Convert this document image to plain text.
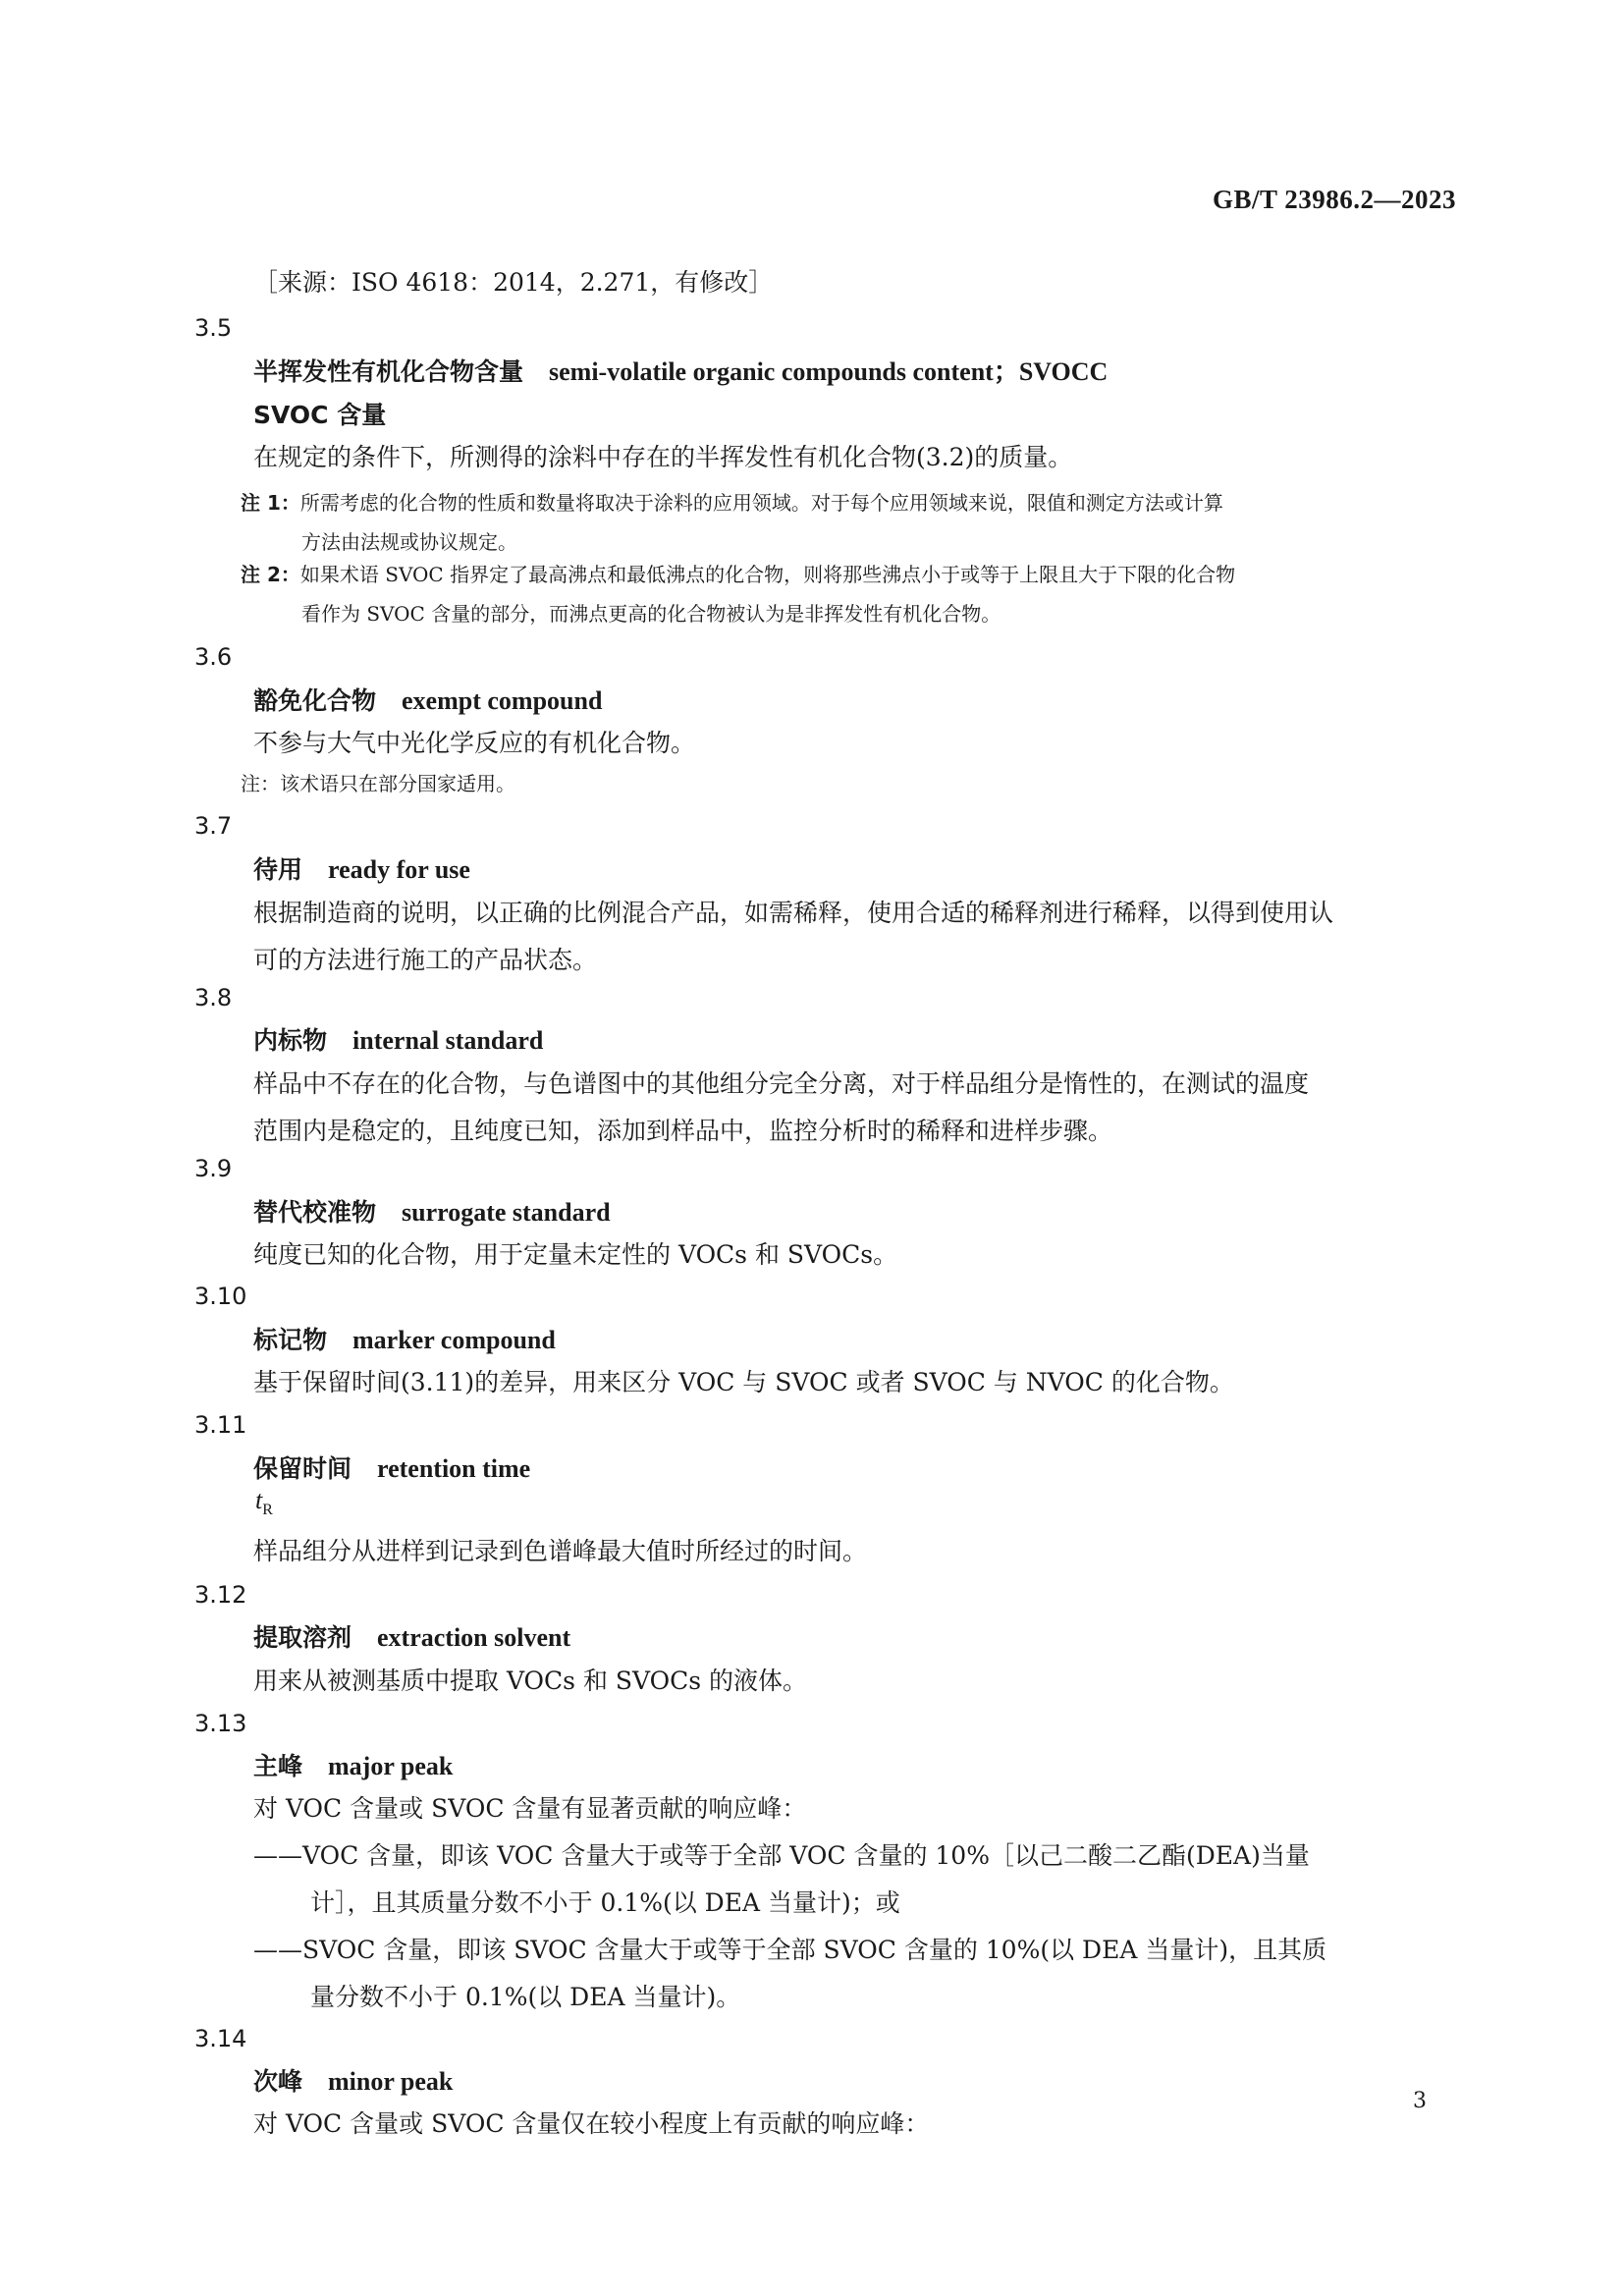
GB/T 23986.2—2023
［来源：ISO 4618：2014，2.271，有修改］
3.5
半挥发性有机化合物含量 semi-volatile organic compounds content；SVOCC
SVOC 含量
在规定的条件下，所测得的涂料中存在的半挥发性有机化合物(3.2)的质量。
注 1：所需考虑的化合物的性质和数量将取决于涂料的应用领域。对于每个应用领域来说，限值和测定方法或计算
方法由法规或协议规定。
注 2：如果术语 SVOC 指界定了最高沸点和最低沸点的化合物，则将那些沸点小于或等于上限且大于下限的化合物
看作为 SVOC 含量的部分，而沸点更高的化合物被认为是非挥发性有机化合物。
3.6
豁免化合物 exempt compound
不参与大气中光化学反应的有机化合物。
注：该术语只在部分国家适用。
3.7
待用 ready for use
根据制造商的说明，以正确的比例混合产品，如需稀释，使用合适的稀释剂进行稀释，以得到使用认
可的方法进行施工的产品状态。
3.8
内标物 internal standard
样品中不存在的化合物，与色谱图中的其他组分完全分离，对于样品组分是惰性的，在测试的温度
范围内是稳定的，且纯度已知，添加到样品中，监控分析时的稀释和进样步骤。
3.9
替代校准物 surrogate standard
纯度已知的化合物，用于定量未定性的 VOCs 和 SVOCs。
3.10
标记物 marker compound
基于保留时间(3.11)的差异，用来区分 VOC 与 SVOC 或者 SVOC 与 NVOC 的化合物。
3.11
保留时间 retention time
$t_R$
样品组分从进样到记录到色谱峰最大值时所经过的时间。
3.12
提取溶剂 extraction solvent
用来从被测基质中提取 VOCs 和 SVOCs 的液体。
3.13
主峰 major peak
对 VOC 含量或 SVOC 含量有显著贡献的响应峰：
——VOC 含量，即该 VOC 含量大于或等于全部 VOC 含量的 10%［以己二酸二乙酯(DEA)当量
计］，且其质量分数不小于 0.1%(以 DEA 当量计)；或
——SVOC 含量，即该 SVOC 含量大于或等于全部 SVOC 含量的 10%(以 DEA 当量计)，且其质
量分数不小于 0.1%(以 DEA 当量计)。
3.14
次峰 minor peak
对 VOC 含量或 SVOC 含量仅在较小程度上有贡献的响应峰：
3
